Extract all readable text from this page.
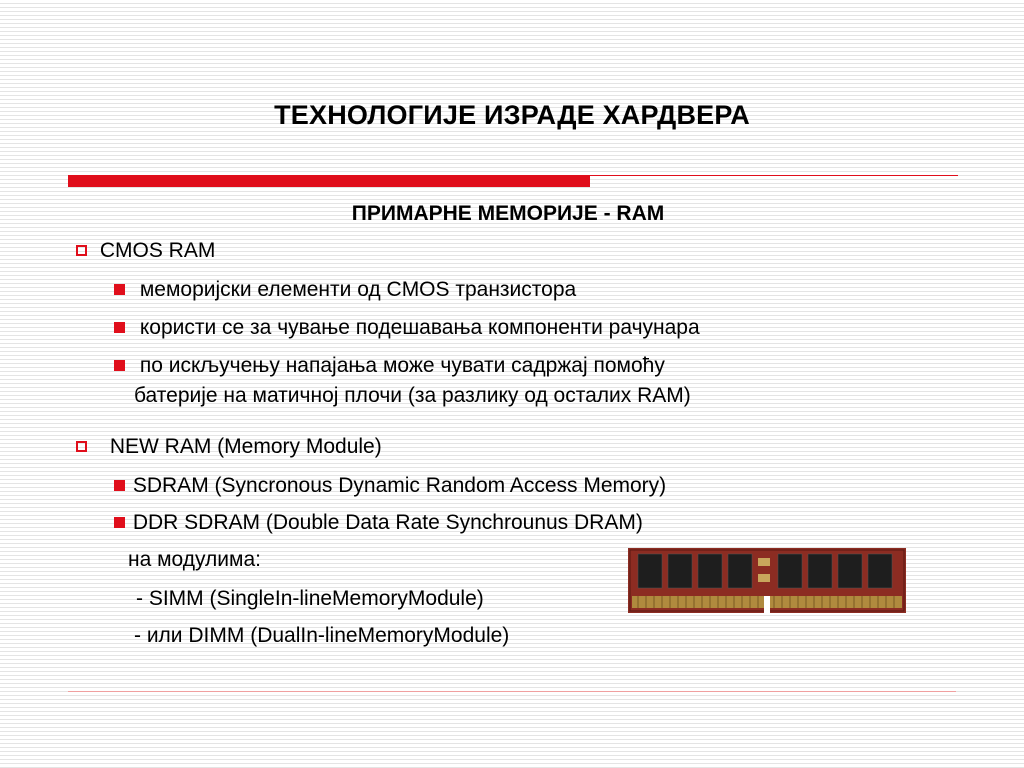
ТЕХНОЛОГИЈЕ ИЗРАДЕ ХАРДВЕРА
ПРИМАРНЕ МЕМОРИЈЕ - RAM
CMOS RAM
меморијски елементи од CMOS транзистора
користи се за чување подешавања компоненти рачунара
по искључењу напајања може чувати садржај помоћу
батерије на матичној плочи (за разлику од осталих RAM)
NEW RAM (Memory Module)
SDRAM (Syncronous Dynamic Random Access Memory)
DDR SDRAM (Double Data Rate Synchrounus DRAM)
на модулима:
- SIMM (SingleIn-lineMemoryModule)
- или DIMM (DualIn-lineMemoryModule)
